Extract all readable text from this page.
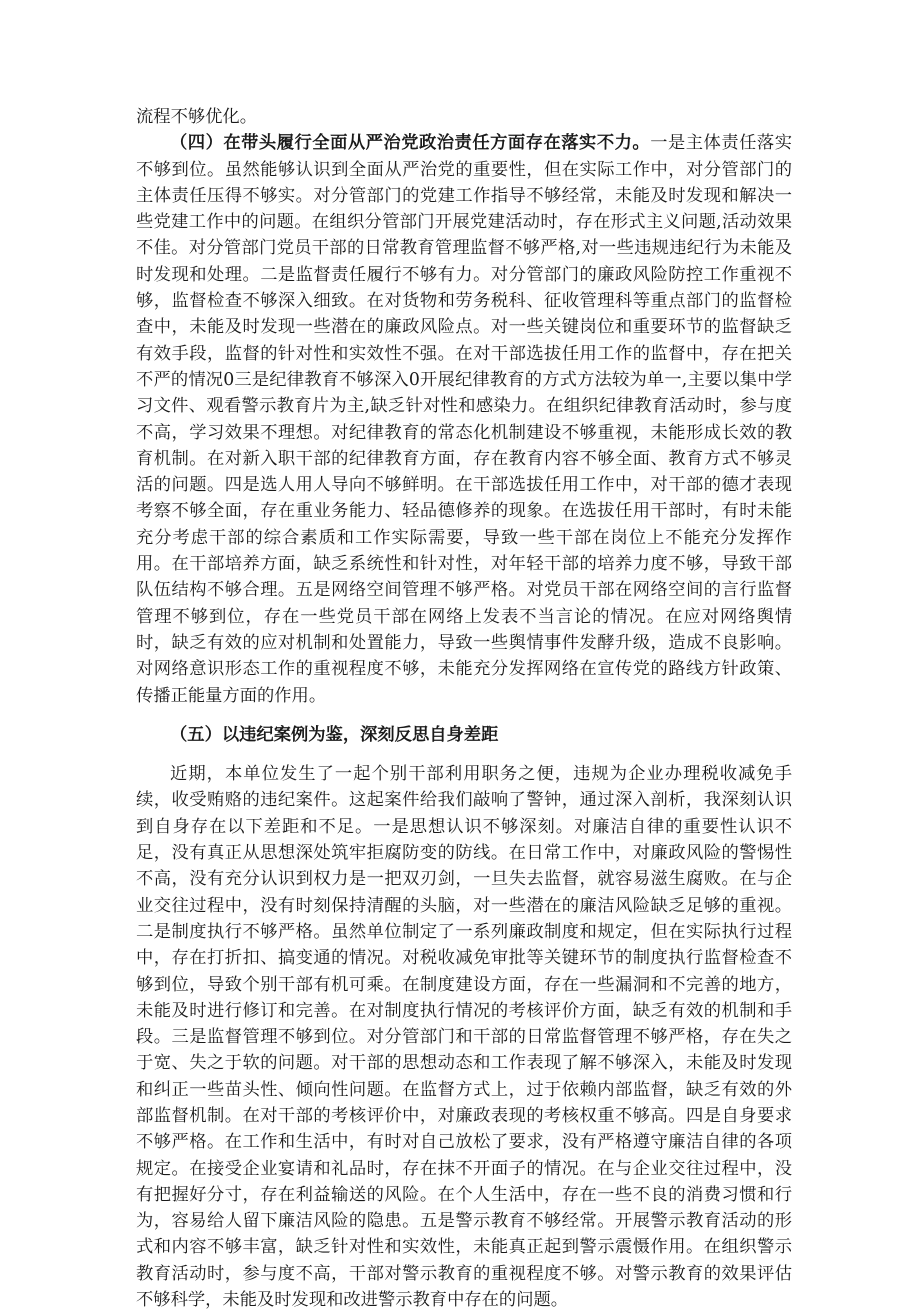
流程不够优化。

（四）在带头履行全面从严治党政治责任方面存在落实不力。一是主体责任落实不够到位。虽然能够认识到全面从严治党的重要性，但在实际工作中，对分管部门的主体责任压得不够实。对分管部门的党建工作指导不够经常，未能及时发现和解决一些党建工作中的问题。在组织分管部门开展党建活动时，存在形式主义问题,活动效果不佳。对分管部门党员干部的日常教育管理监督不够严格,对一些违规违纪行为未能及时发现和处理。二是监督责任履行不够有力。对分管部门的廉政风险防控工作重视不够，监督检查不够深入细致。在对货物和劳务税科、征收管理科等重点部门的监督检查中，未能及时发现一些潜在的廉政风险点。对一些关键岗位和重要环节的监督缺乏有效手段，监督的针对性和实效性不强。在对干部选拔任用工作的监督中，存在把关不严的情况0三是纪律教育不够深入0开展纪律教育的方式方法较为单一,主要以集中学习文件、观看警示教育片为主,缺乏针对性和感染力。在组织纪律教育活动时，参与度不高，学习效果不理想。对纪律教育的常态化机制建设不够重视，未能形成长效的教育机制。在对新入职干部的纪律教育方面，存在教育内容不够全面、教育方式不够灵活的问题。四是选人用人导向不够鲜明。在干部选拔任用工作中，对干部的德才表现考察不够全面，存在重业务能力、轻品德修养的现象。在选拔任用干部时，有时未能充分考虑干部的综合素质和工作实际需要，导致一些干部在岗位上不能充分发挥作用。在干部培养方面，缺乏系统性和针对性，对年轻干部的培养力度不够，导致干部队伍结构不够合理。五是网络空间管理不够严格。对党员干部在网络空间的言行监督管理不够到位，存在一些党员干部在网络上发表不当言论的情况。在应对网络舆情时，缺乏有效的应对机制和处置能力，导致一些舆情事件发酵升级，造成不良影响。对网络意识形态工作的重视程度不够，未能充分发挥网络在宣传党的路线方针政策、传播正能量方面的作用。

（五）以违纪案例为鉴，深刻反思自身差距

近期，本单位发生了一起个别干部利用职务之便，违规为企业办理税收减免手续，收受贿赂的违纪案件。这起案件给我们敲响了警钟，通过深入剖析，我深刻认识到自身存在以下差距和不足。一是思想认识不够深刻。对廉洁自律的重要性认识不足，没有真正从思想深处筑牢拒腐防变的防线。在日常工作中，对廉政风险的警惕性不高，没有充分认识到权力是一把双刃剑，一旦失去监督，就容易滋生腐败。在与企业交往过程中，没有时刻保持清醒的头脑，对一些潜在的廉洁风险缺乏足够的重视。二是制度执行不够严格。虽然单位制定了一系列廉政制度和规定，但在实际执行过程中，存在打折扣、搞变通的情况。对税收减免审批等关键环节的制度执行监督检查不够到位，导致个别干部有机可乘。在制度建设方面，存在一些漏洞和不完善的地方，未能及时进行修订和完善。在对制度执行情况的考核评价方面，缺乏有效的机制和手段。三是监督管理不够到位。对分管部门和干部的日常监督管理不够严格，存在失之于宽、失之于软的问题。对干部的思想动态和工作表现了解不够深入，未能及时发现和纠正一些苗头性、倾向性问题。在监督方式上，过于依赖内部监督，缺乏有效的外部监督机制。在对干部的考核评价中，对廉政表现的考核权重不够高。四是自身要求不够严格。在工作和生活中，有时对自己放松了要求，没有严格遵守廉洁自律的各项规定。在接受企业宴请和礼品时，存在抹不开面子的情况。在与企业交往过程中，没有把握好分寸，存在利益输送的风险。在个人生活中，存在一些不良的消费习惯和行为，容易给人留下廉洁风险的隐患。五是警示教育不够经常。开展警示教育活动的形式和内容不够丰富，缺乏针对性和实效性，未能真正起到警示震慑作用。在组织警示教育活动时，参与度不高，干部对警示教育的重视程度不够。对警示教育的效果评估不够科学，未能及时发现和改进警示教育中存在的问题。
